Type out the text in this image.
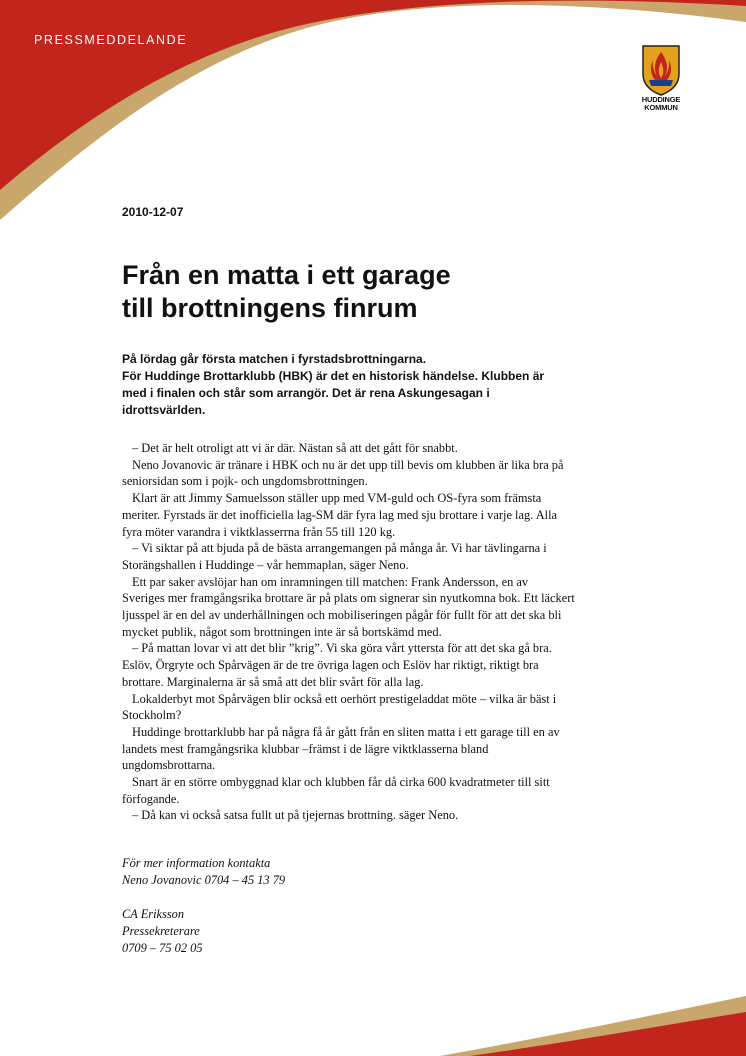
PRESSMEDDELANDE
HUDDINGE
KOMMUN
2010-12-07
Från en matta i ett garage
till brottningens finrum

På lördag går första matchen i fyrstadsbrottningarna.
För Huddinge Brottarklubb (HBK) är det en historisk händelse. Klubben är
med i finalen och står som arrangör. Det är rena Askungesagan i
idrottsvärlden.

– Det är helt otroligt att vi är där. Nästan så att det gått för snabbt.
Neno Jovanovic är tränare i HBK och nu är det upp till bevis om klubben är lika bra på
seniorsidan som i pojk- och ungdomsbrottningen.
Klart är att Jimmy Samuelsson ställer upp med VM-guld och OS-fyra som främsta
meriter. Fyrstads är det inofficiella lag-SM där fyra lag med sju brottare i varje lag. Alla
fyra möter varandra i viktklasserrna från 55 till 120 kg.
– Vi siktar på att bjuda på de bästa arrangemangen på många år. Vi har tävlingarna i
Storängshallen i Huddinge – vår hemmaplan, säger Neno.
Ett par saker avslöjar han om inramningen till matchen: Frank Andersson, en av
Sveriges mer framgångsrika brottare är på plats om signerar sin nyutkomna bok. Ett läckert
ljusspel är en del av underhållningen och mobiliseringen pågår för fullt för att det ska bli
mycket publik, något som brottningen inte är så bortskämd med.
– På mattan lovar vi att det blir ”krig”. Vi ska göra vårt yttersta för att det ska gå bra.
Eslöv, Örgryte och Spårvägen är de tre övriga lagen och Eslöv har riktigt, riktigt bra
brottare. Marginalerna är så små att det blir svårt för alla lag.
Lokalderbyt mot Spårvägen blir också ett oerhört prestigeladdat möte – vilka är bäst i
Stockholm?
Huddinge brottarklubb har på några få år gått från en sliten matta i ett garage till en av
landets mest framgångsrika klubbar –främst i de lägre viktklasserna bland
ungdomsbrottarna.
Snart är en större ombyggnad klar och klubben får då cirka 600 kvadratmeter till sitt
förfogande.
– Då kan vi också satsa fullt ut på tjejernas brottning. säger Neno.
För mer information kontakta
Neno Jovanovic 0704 – 45 13 79
CA Eriksson
Pressekreterare
0709 – 75 02 05
